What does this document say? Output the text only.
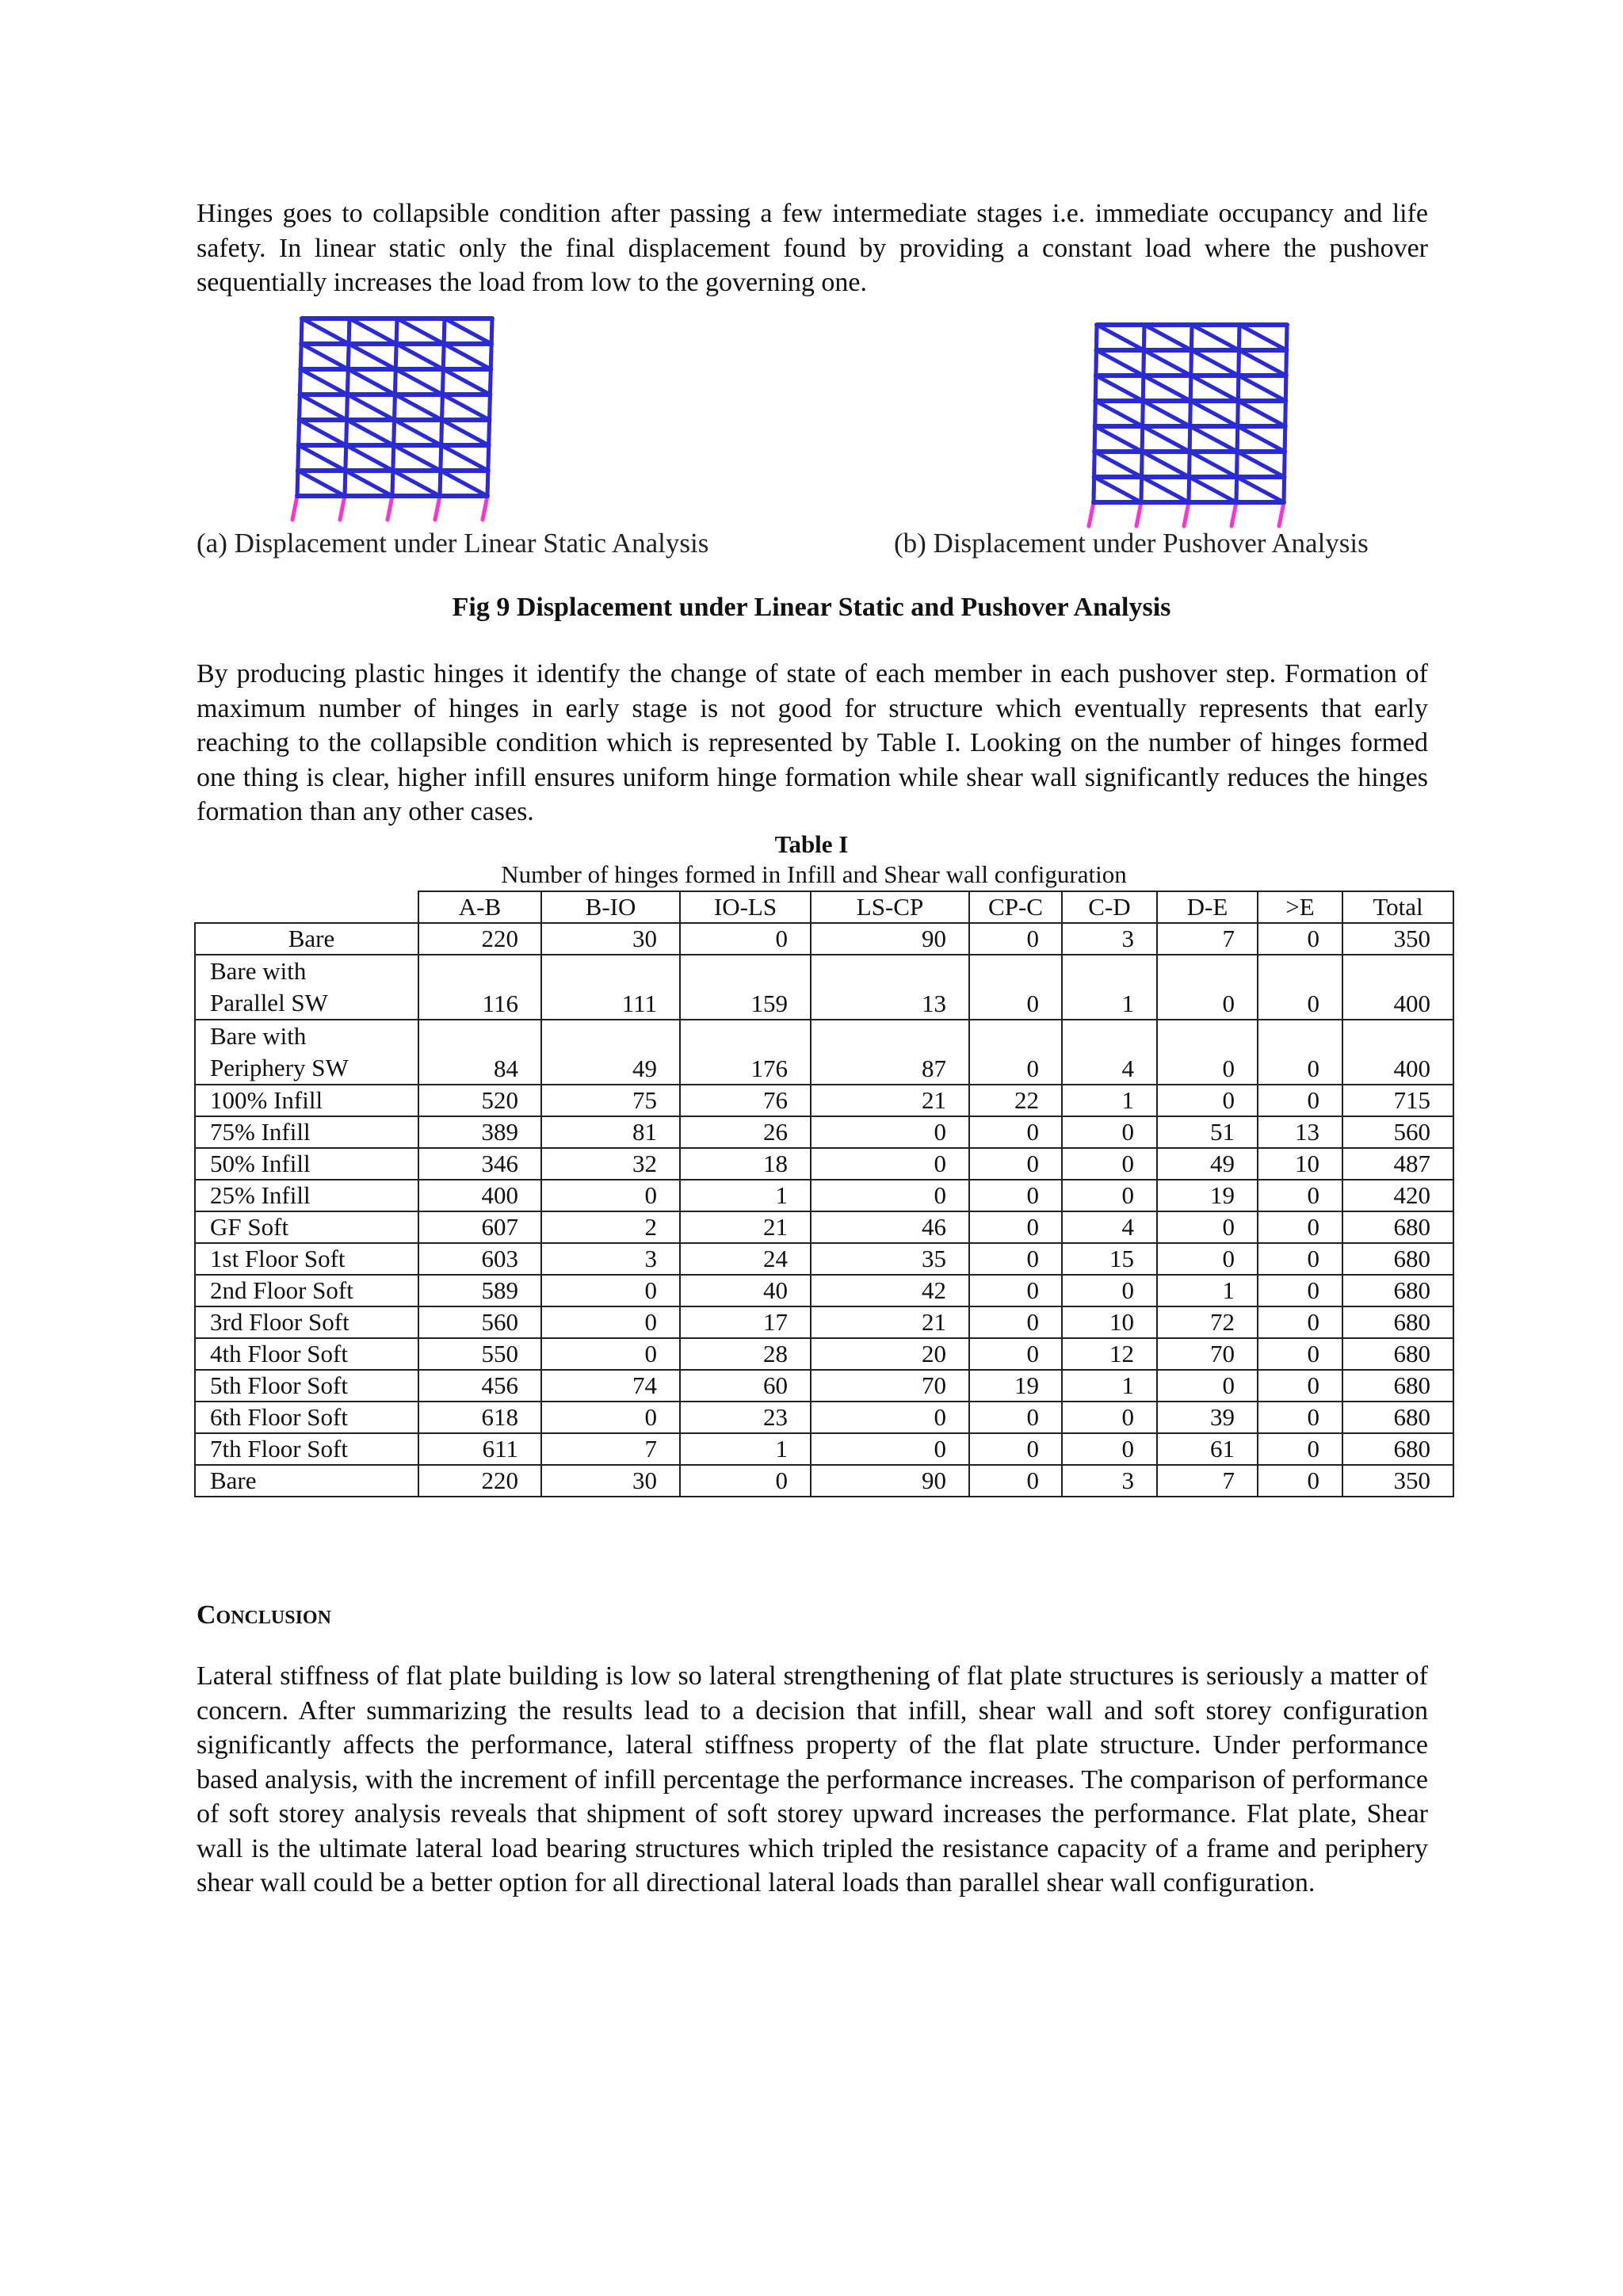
Hinges goes to collapsible condition after passing a few intermediate stages i.e. immediate occupancy and life safety. In linear static only the final displacement found by providing a constant load where the pushover sequentially increases the load from low to the governing one.

(a) Displacement under Linear Static Analysis	(b) Displacement under Pushover Analysis
Fig 9 Displacement under Linear Static and Pushover Analysis

By producing plastic hinges it identify the change of state of each member in each pushover step. Formation of maximum number of hinges in early stage is not good for structure which eventually represents that early reaching to the collapsible condition which is represented by Table I. Looking on the number of hinges formed one thing is clear, higher infill ensures uniform hinge formation while shear wall significantly reduces the hinges formation than any other cases.

Table I
Number of hinges formed in Infill and Shear wall configuration
	A-B	B-IO	IO-LS	LS-CP	CP-C	C-D	D-E	>E	Total

Bare	220	30	0	90	0	3	7	0	350

Bare with
Parallel SW	116	111	159	13	0	1	0	0	400

Bare with
Periphery SW	84	49	176	87	0	4	0	0	400

100% Infill	520	75	76	21	22	1	0	0	715

75% Infill	389	81	26	0	0	0	51	13	560

50% Infill	346	32	18	0	0	0	49	10	487

25% Infill	400	0	1	0	0	0	19	0	420

GF Soft	607	2	21	46	0	4	0	0	680

1st Floor Soft	603	3	24	35	0	15	0	0	680

2nd Floor Soft	589	0	40	42	0	0	1	0	680

3rd Floor Soft	560	0	17	21	0	10	72	0	680

4th Floor Soft	550	0	28	20	0	12	70	0	680

5th Floor Soft	456	74	60	70	19	1	0	0	680

6th Floor Soft	618	0	23	0	0	0	39	0	680

7th Floor Soft	611	7	1	0	0	0	61	0	680

Bare	220	30	0	90	0	3	7	0	350
Conclusion

Lateral stiffness of flat plate building is low so lateral strengthening of flat plate structures is seriously a matter of concern. After summarizing the results lead to a decision that infill, shear wall and soft storey configuration significantly affects the performance, lateral stiffness property of the flat plate structure. Under performance based analysis, with the increment of infill percentage the performance increases. The comparison of performance of soft storey analysis reveals that shipment of soft storey upward increases the performance. Flat plate, Shear wall is the ultimate lateral load bearing structures which tripled the resistance capacity of a frame and periphery shear wall could be a better option for all directional lateral loads than parallel shear wall configuration.
